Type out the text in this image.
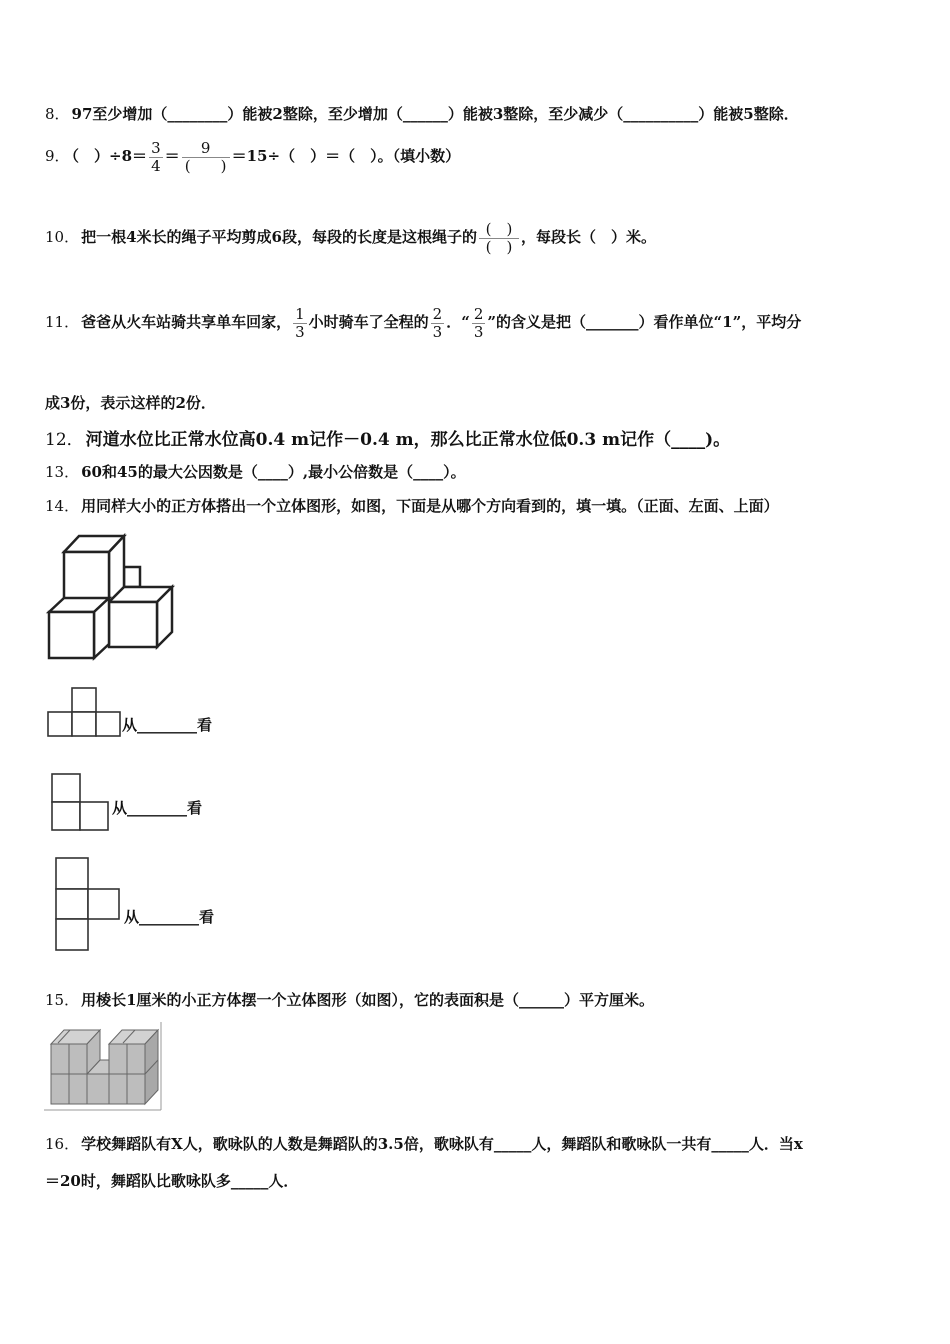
8． 97至少增加（________）能被2整除，至少增加（______）能被3整除，至少减少（__________）能被5整除．
9． （　）$\div 8= \frac{3}{4} = \frac{9}{( )} =15\div$（　）＝（　）。（填小数）
10． 把一根4米长的绳子平均剪成6段，每段的长度是这根绳子的 $\frac{( )}{( )}$ ，每段长（　）米。
11． 爸爸从火车站骑共享单车回家， $\frac{1}{3}$ 小时骑车了全程的 $\frac{2}{3}$ ．“ $\frac{2}{3}$ ”的含义是把（_______）看作单位“1”，平均分
成3份，表示这样的2份．
12． 河道水位比正常水位高0.4 m记作－0.4 m，那么比正常水位低0.3 m记作（____)。
13． 60和45的最大公因数是（____）,最小公倍数是（____）。
14． 用同样大小的正方体搭出一个立体图形，如图，下面是从哪个方向看到的，填一填。（正面、左面、上面）
从________看
从________看
从________看
15． 用棱长1厘米的小正方体摆一个立体图形（如图），它的表面积是（______）平方厘米。
16． 学校舞蹈队有X人，歌咏队的人数是舞蹈队的3.5倍，歌咏队有_____人，舞蹈队和歌咏队一共有_____人．当x
＝20时，舞蹈队比歌咏队多_____人．
